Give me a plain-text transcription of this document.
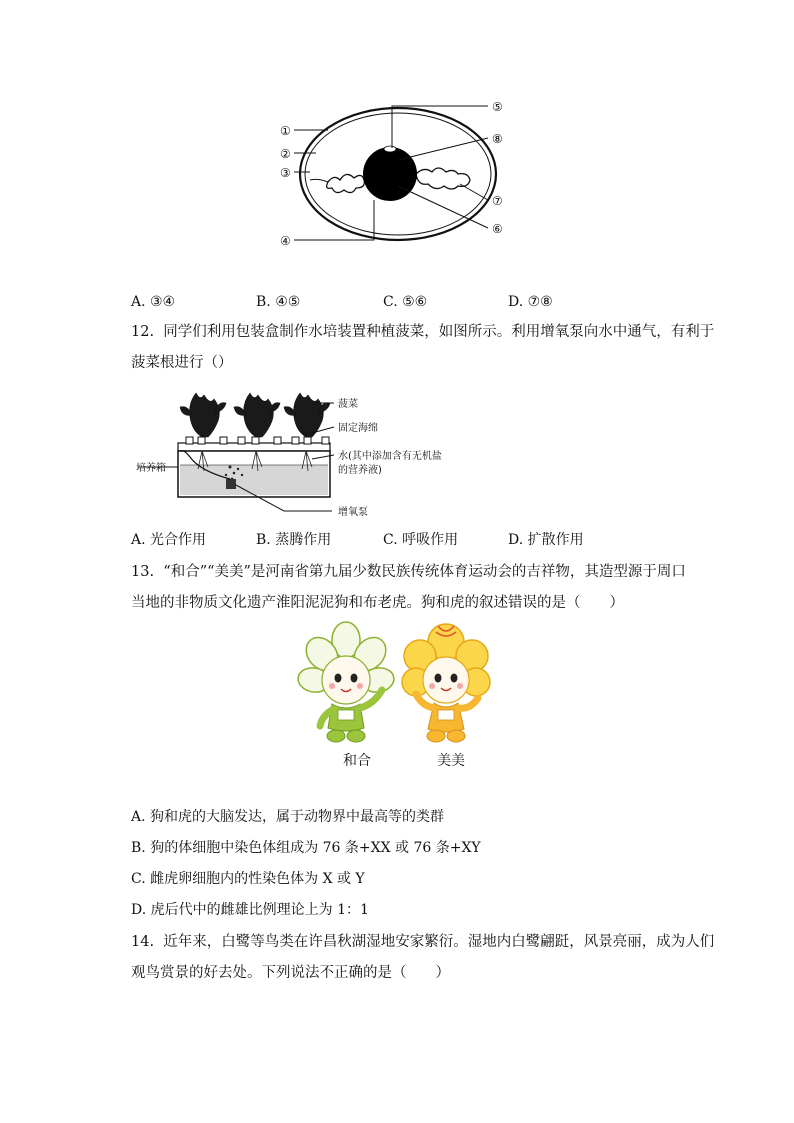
①
②
③
④
⑤
⑧
⑦
⑥
A. ③④	B. ④⑤	C. ⑤⑥	D. ⑦⑧
12.  同学们利用包装盒制作水培装置种植菠菜，如图所示。利用增氧泵向水中通气，有利于
菠菜根进行（）
菠菜
固定海绵
水(其中添加含有无机盐
的营养液)
增氧泵
培养箱
A. 光合作用	B. 蒸腾作用	C. 呼吸作用	D. 扩散作用
13.  “和合”“美美”是河南省第九届少数民族传统体育运动会的吉祥物，其造型源于周口
当地的非物质文化遗产淮阳泥泥狗和布老虎。狗和虎的叙述错误的是（　　）
和合	美美
A. 狗和虎的大脑发达，属于动物界中最高等的类群
B. 狗的体细胞中染色体组成为 76 条+XX 或 76 条+XY
C. 雌虎卵细胞内的性染色体为 X 或 Y
D. 虎后代中的雌雄比例理论上为 1：1
14.  近年来，白鹭等鸟类在许昌秋湖湿地安家繁衍。湿地内白鹭翩跹，风景亮丽，成为人们
观鸟赏景的好去处。下列说法不正确的是（　　）
